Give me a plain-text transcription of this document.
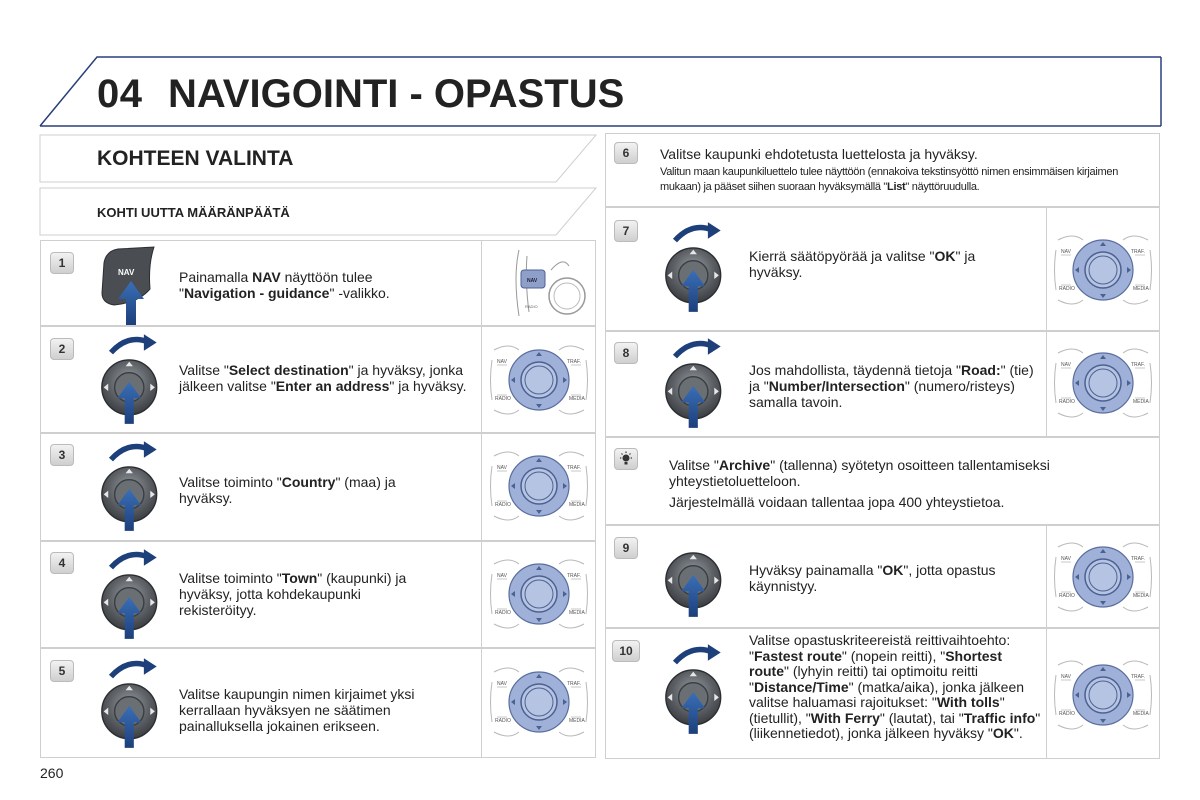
04 NAVIGOINTI - OPASTUS
KOHTEEN VALINTA
KOHTI UUTTA MÄÄRÄNPÄÄTÄ
1
2
3
4
5
6
7
8
9
10
NAV
NAV
RADIO
NAV	TRAF.
RADIO	MEDIA
NAV	TRAF.
RADIO	MEDIA
NAV	TRAF.
RADIO	MEDIA
NAV	TRAF.
RADIO	MEDIA
NAV	TRAF.
RADIO	MEDIA
NAV	TRAF.
RADIO	MEDIA
NAV	TRAF.
RADIO	MEDIA
NAV	TRAF.
RADIO	MEDIA
Painamalla NAV näyttöön tulee "Navigation - guidance" -valikko.
Valitse "Select destination" ja hyväksy, jonka jälkeen valitse "Enter an address" ja hyväksy.
Valitse toiminto "Country" (maa) ja hyväksy.
Valitse toiminto "Town" (kaupunki) ja hyväksy, jotta kohdekaupunki rekisteröityy.
Valitse kaupungin nimen kirjaimet yksi kerrallaan hyväksyen ne säätimen painalluksella jokainen erikseen.
Valitse kaupunki ehdotetusta luettelosta ja hyväksy.
Valitun maan kaupunkiluettelo tulee näyttöön (ennakoiva tekstinsyöttö nimen ensimmäisen kirjaimen mukaan) ja pääset siihen suoraan hyväksymällä "List" näyttöruudulla.
Kierrä säätöpyörää ja valitse "OK" ja hyväksy.
Jos mahdollista, täydennä tietoja "Road:" (tie) ja "Number/Intersection" (numero/risteys) samalla tavoin.
Valitse "Archive" (tallenna) syötetyn osoitteen tallentamiseksi yhteystietoluetteloon.
Järjestelmällä voidaan tallentaa jopa 400 yhteystietoa.
Hyväksy painamalla "OK", jotta opastus käynnistyy.
Valitse opastuskriteereistä reittivaihtoehto: "Fastest route" (nopein reitti), "Shortest route" (lyhyin reitti) tai optimoitu reitti "Distance/Time" (matka/aika), jonka jälkeen valitse haluamasi rajoitukset: "With tolls" (tietullit), "With Ferry" (lautat), tai "Traffic info" (liikennetiedot), jonka jälkeen hyväksy "OK".
260
